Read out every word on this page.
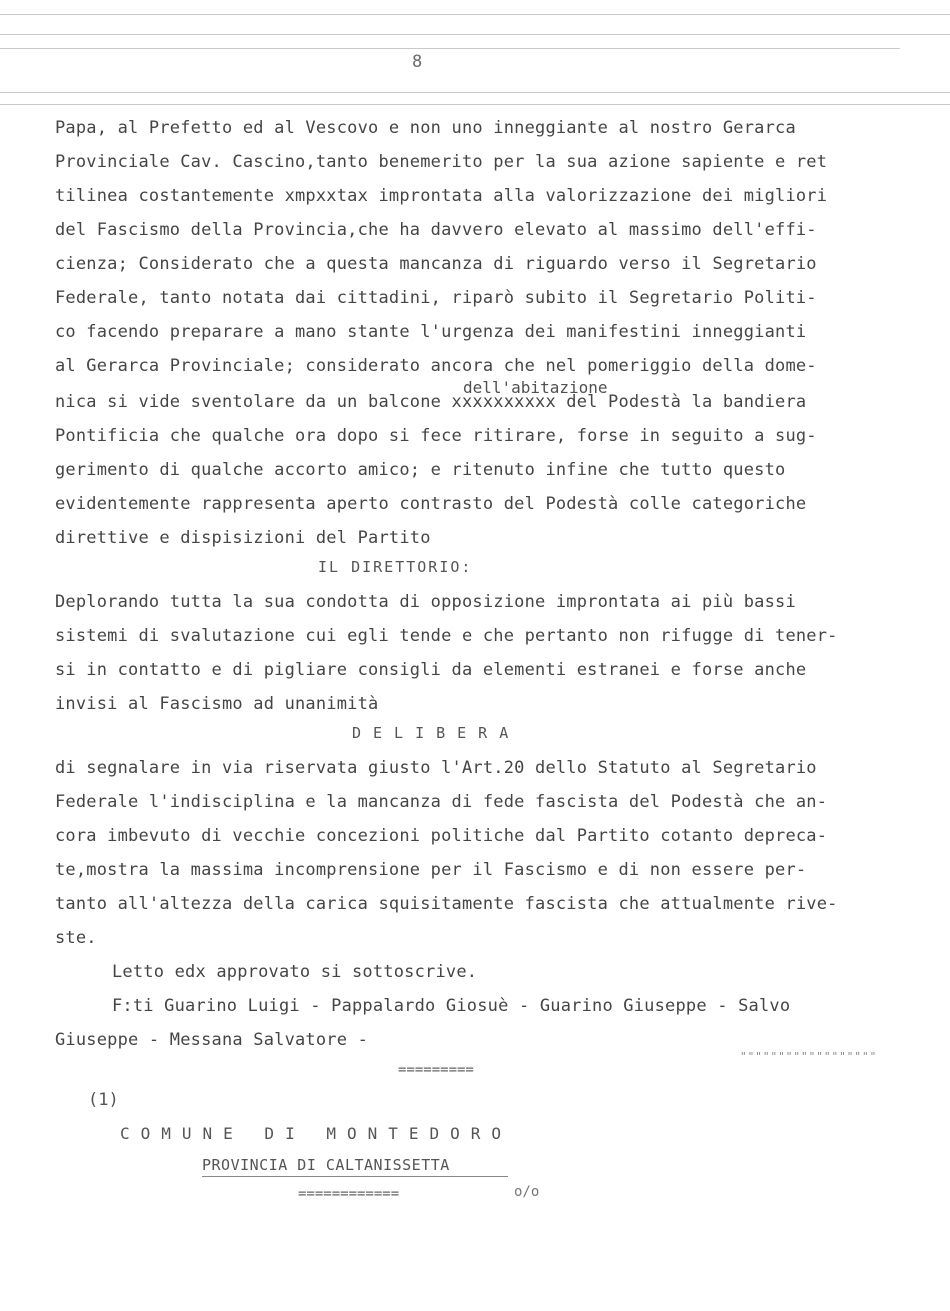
8
Papa, al Prefetto ed al Vescovo e non uno inneggiante al nostro Gerarca
Provinciale Cav. Cascino,tanto benemerito per la sua azione sapiente e ret
tilinea costantemente xmpxxtax improntata alla valorizzazione dei migliori
del Fascismo della Provincia,che ha davvero elevato al massimo dell'effi-
cienza; Considerato che a questa mancanza di riguardo verso il Segretario
Federale, tanto notata dai cittadini, riparò subito il Segretario Politi-
co facendo preparare a mano stante l'urgenza dei manifestini inneggianti
al Gerarca Provinciale; considerato ancora che nel pomeriggio della dome-
dell'abitazione
nica si vide sventolare da un balcone xxxxxxxxxx del Podestà la bandiera
Pontificia che qualche ora dopo si fece ritirare, forse in seguito a sug-
gerimento di qualche accorto amico; e ritenuto infine che tutto questo
evidentemente rappresenta aperto contrasto del Podestà colle categoriche
direttive e dispisizioni del Partito
IL DIRETTORIO:
Deplorando tutta la sua condotta di opposizione improntata ai più bassi
sistemi di svalutazione cui egli tende e che pertanto non rifugge di tener-
si in contatto e di pigliare consigli da elementi estranei e forse anche
invisi al Fascismo ad unanimità
DELIBERA
di segnalare in via riservata giusto l'Art.20 dello Statuto al Segretario
Federale l'indisciplina e la mancanza di fede fascista del Podestà che an-
cora imbevuto di vecchie concezioni politiche dal Partito cotanto depreca-
te,mostra la massima incomprensione per il Fascismo e di non essere per-
tanto all'altezza della carica squisitamente fascista che attualmente rive-
ste.
Letto edx approvato si sottoscrive.
F:ti Guarino Luigi - Pappalardo Giosuè - Guarino Giuseppe - Salvo
Giuseppe - Messana Salvatore -
=========
""""""""""""""""""
(1)
COMUNE DI MONTEDORO
PROVINCIA DI CALTANISSETTA
============	o/o
